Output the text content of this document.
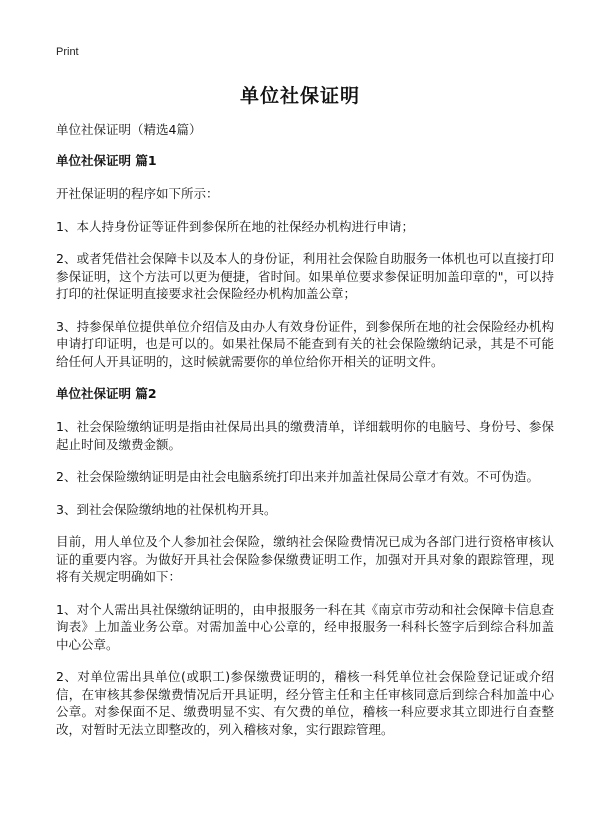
Print
单位社保证明

单位社保证明（精选4篇）

单位社保证明 篇1

开社保证明的程序如下所示：

1、本人持身份证等证件到参保所在地的社保经办机构进行申请；

2、或者凭借社会保障卡以及本人的身份证，利用社会保险自助服务一体机也可以直接打印参保证明，这个方法可以更为便捷，省时间。如果单位要求参保证明加盖印章的"，可以持打印的社保证明直接要求社会保险经办机构加盖公章；

3、持参保单位提供单位介绍信及由办人有效身份证件，到参保所在地的社会保险经办机构申请打印证明，也是可以的。如果社保局不能查到有关的社会保险缴纳记录，其是不可能给任何人开具证明的，这时候就需要你的单位给你开相关的证明文件。

单位社保证明 篇2

1、社会保险缴纳证明是指由社保局出具的缴费清单，详细载明你的电脑号、身份号、参保起止时间及缴费金额。

2、社会保险缴纳证明是由社会电脑系统打印出来并加盖社保局公章才有效。不可伪造。

3、到社会保险缴纳地的社保机构开具。

目前，用人单位及个人参加社会保险，缴纳社会保险费情况已成为各部门进行资格审核认证的重要内容。为做好开具社会保险参保缴费证明工作，加强对开具对象的跟踪管理，现将有关规定明确如下：

1、对个人需出具社保缴纳证明的，由申报服务一科在其《南京市劳动和社会保障卡信息查询表》上加盖业务公章。对需加盖中心公章的，经申报服务一科科长签字后到综合科加盖中心公章。

2、对单位需出具单位(或职工)参保缴费证明的，稽核一科凭单位社会保险登记证或介绍信，在审核其参保缴费情况后开具证明，经分管主任和主任审核同意后到综合科加盖中心公章。对参保面不足、缴费明显不实、有欠费的单位，稽核一科应要求其立即进行自查整改，对暂时无法立即整改的，列入稽核对象，实行跟踪管理。
